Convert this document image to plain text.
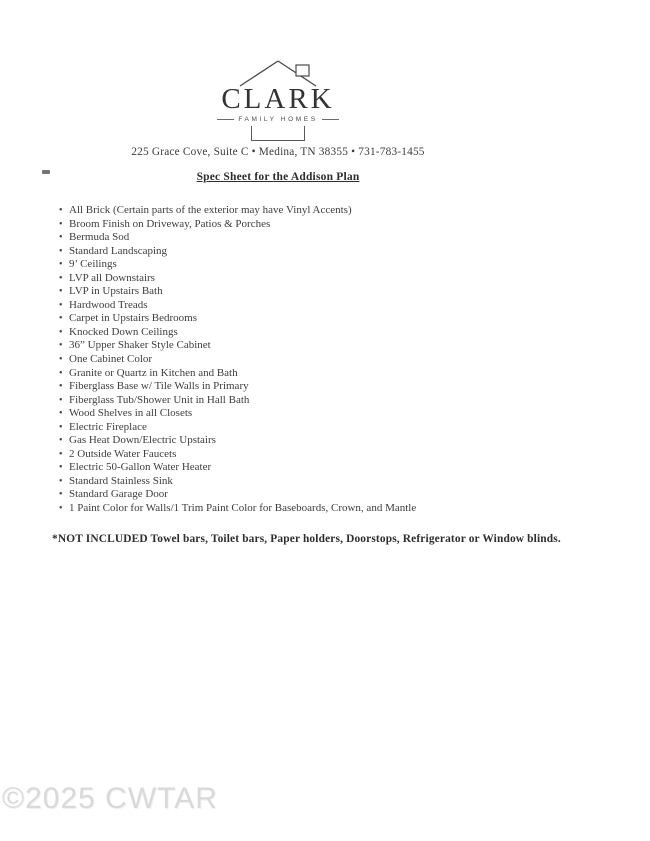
CLARK
FAMILY HOMES
225 Grace Cove, Suite C • Medina, TN 38355 • 731-783-1455
Spec Sheet for the Addison Plan
• All Brick (Certain parts of the exterior may have Vinyl Accents)
• Broom Finish on Driveway, Patios & Porches
• Bermuda Sod
• Standard Landscaping
• 9’ Ceilings
• LVP all Downstairs
• LVP in Upstairs Bath
• Hardwood Treads
• Carpet in Upstairs Bedrooms
• Knocked Down Ceilings
• 36” Upper Shaker Style Cabinet
• One Cabinet Color
• Granite or Quartz in Kitchen and Bath
• Fiberglass Base w/ Tile Walls in Primary
• Fiberglass Tub/Shower Unit in Hall Bath
• Wood Shelves in all Closets
• Electric Fireplace
• Gas Heat Down/Electric Upstairs
• 2 Outside Water Faucets
• Electric 50-Gallon Water Heater
• Standard Stainless Sink
• Standard Garage Door
• 1 Paint Color for Walls/1 Trim Paint Color for Baseboards, Crown, and Mantle
*NOT INCLUDED Towel bars, Toilet bars, Paper holders, Doorstops, Refrigerator or Window blinds.
©2025 CWTAR
